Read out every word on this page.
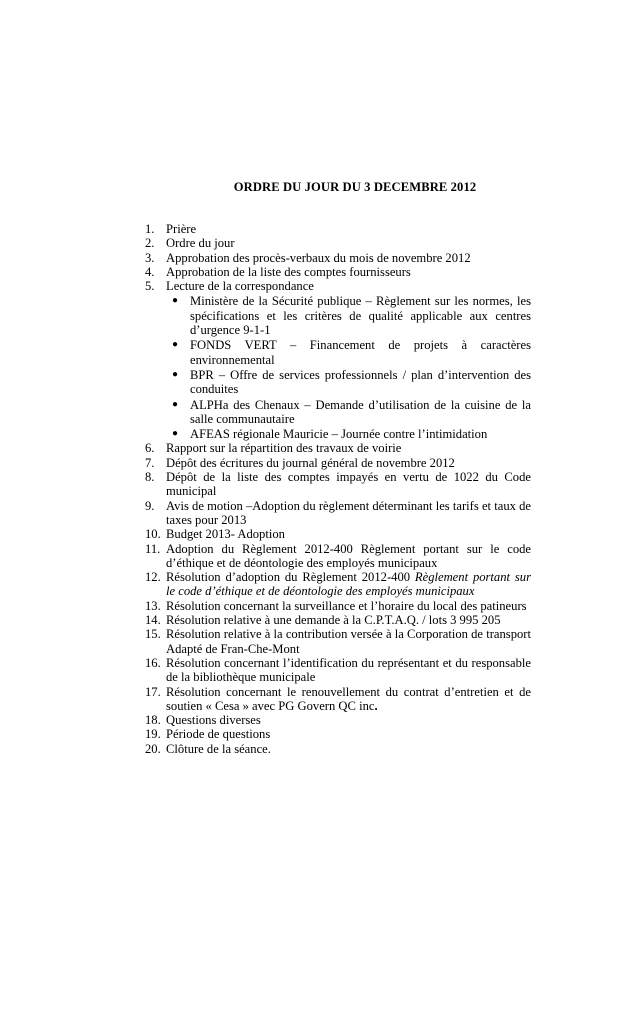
ORDRE DU JOUR DU 3 DECEMBRE 2012
1. Prière
2. Ordre du jour
3. Approbation des procès-verbaux du mois de novembre 2012
4. Approbation de la liste des comptes fournisseurs
5. Lecture de la correspondance
● Ministère de la Sécurité publique – Règlement sur les normes, les spécifications et les critères de qualité applicable aux centres d’urgence 9-1-1
● FONDS VERT – Financement de projets à caractères environnemental
● BPR – Offre de services professionnels / plan d’intervention des conduites
● ALPHa des Chenaux – Demande d’utilisation de la cuisine de la salle communautaire
● AFEAS régionale Mauricie – Journée contre l’intimidation
6. Rapport sur la répartition des travaux de voirie
7. Dépôt des écritures du journal général de novembre 2012
8. Dépôt de la liste des comptes impayés en vertu de 1022 du Code municipal
9. Avis de motion –Adoption du règlement déterminant les tarifs et taux de taxes pour 2013
10. Budget 2013- Adoption
11. Adoption du Règlement 2012-400 Règlement portant sur le code d’éthique et de déontologie des employés municipaux
12. Résolution d’adoption du Règlement 2012-400 Règlement portant sur le code d’éthique et de déontologie des employés municipaux
13. Résolution concernant la surveillance et l’horaire du local des patineurs
14. Résolution relative à une demande à la C.P.T.A.Q. / lots 3 995 205
15. Résolution relative à la contribution versée à la Corporation de transport Adapté de Fran-Che-Mont
16. Résolution concernant l’identification du représentant et du responsable de la bibliothèque municipale
17. Résolution concernant le renouvellement du contrat d’entretien et de soutien « Cesa » avec PG Govern QC inc.
18. Questions diverses
19. Période de questions
20. Clôture de la séance.
